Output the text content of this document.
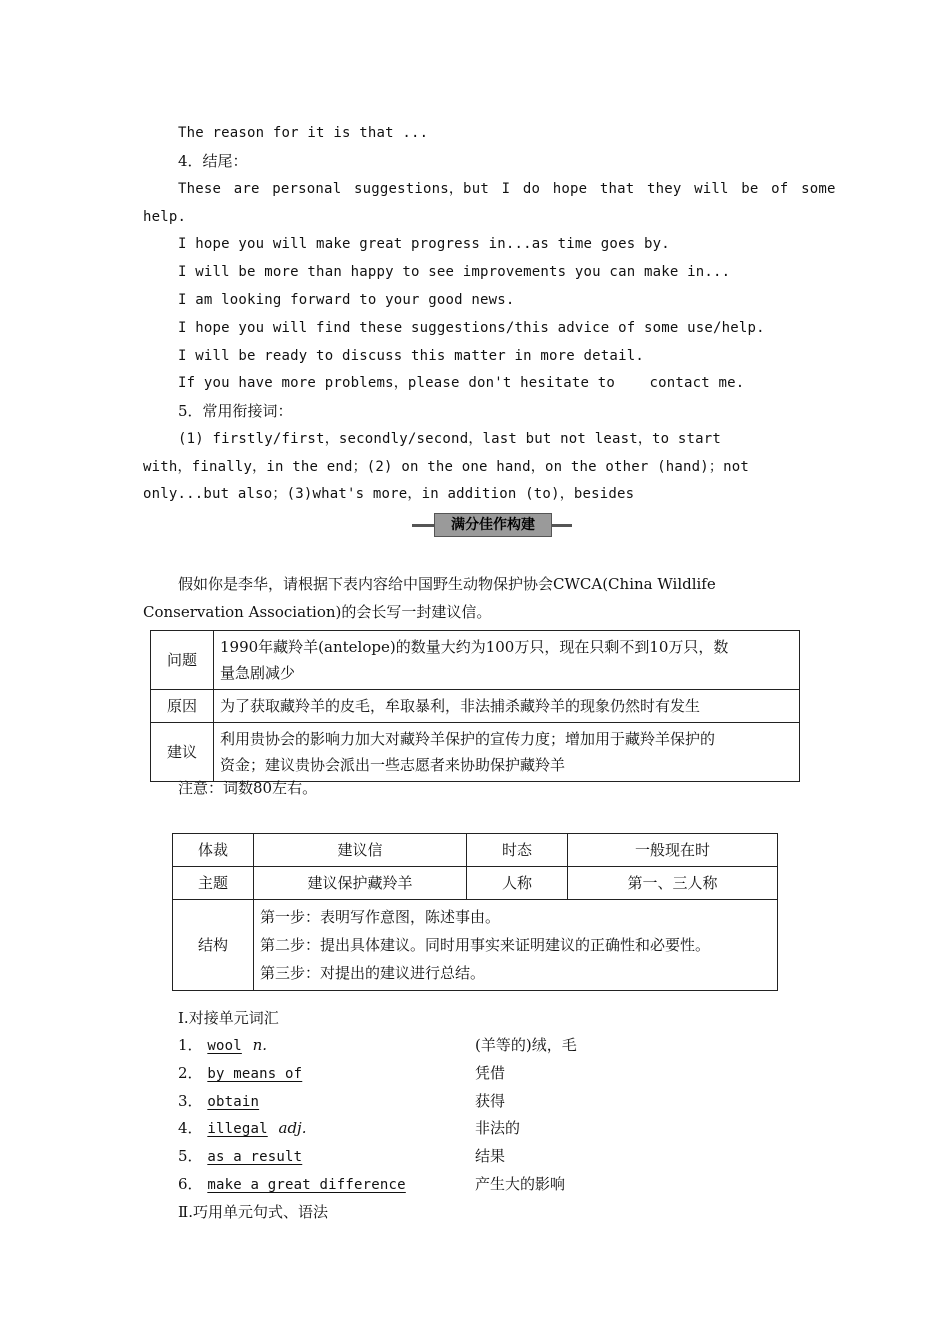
The reason for it is that ...
4．结尾：
These are personal suggestions，but I do hope that they will be of some
help.
I hope you will make great progress in...as time goes by.
I will be more than happy to see improvements you can make in...
I am looking forward to your good news.
I hope you will find these suggestions/this advice of some use/help.
I will be ready to discuss this matter in more detail.
If you have more problems，please don't hesitate to    contact me.
5．常用衔接词：
(1) firstly/first，secondly/second，last but not least，to start
with，finally，in the end；(2) on the one hand，on the other (hand)；not
only...but also；(3)what's more，in addition (to)，besides
满分佳作构建
假如你是李华，请根据下表内容给中国野生动物保护协会CWCA(China Wildlife
Conservation Association)的会长写一封建议信。
问题	1990年藏羚羊(antelope)的数量大约为100万只，现在只剩不到10万只，数
量急剧减少

原因	为了获取藏羚羊的皮毛，牟取暴利，非法捕杀藏羚羊的现象仍然时有发生
建议	利用贵协会的影响力加大对藏羚羊保护的宣传力度；增加用于藏羚羊保护的
资金；建议贵协会派出一些志愿者来协助保护藏羚羊
注意：词数80左右。
体裁	建议信	时态	一般现在时
主题	建议保护藏羚羊	人称	第一、三人称
结构	第一步：表明写作意图，陈述事由。
第二步：提出具体建议。同时用事实来证明建议的正确性和必要性。
第三步：对提出的建议进行总结。		
Ⅰ.对接单元词汇
1． wool n.	(羊等的)绒，毛
2． by means of	凭借
3． obtain	获得
4． illegal adj.	非法的
5． as a result	结果
6． make a great difference	产生大的影响
Ⅱ.巧用单元句式、语法
